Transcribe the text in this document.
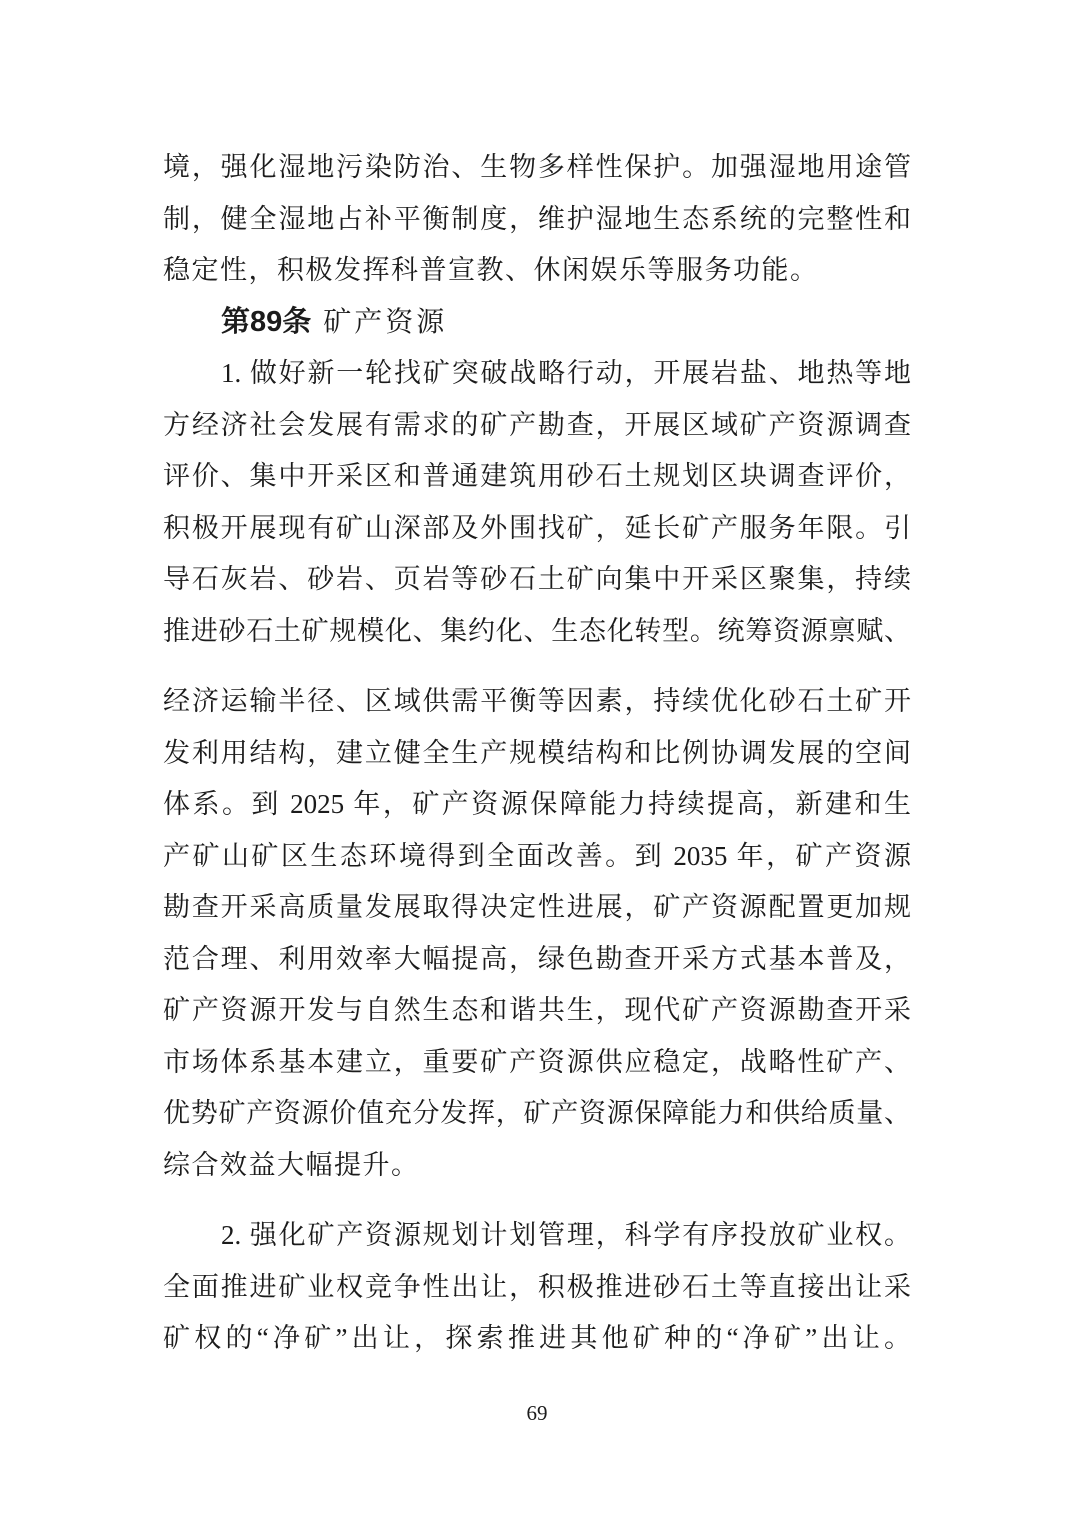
境，强化湿地污染防治、生物多样性保护。加强湿地用途管
制，健全湿地占补平衡制度，维护湿地生态系统的完整性和
稳定性，积极发挥科普宣教、休闲娱乐等服务功能。
第89条 矿产资源
1. 做好新一轮找矿突破战略行动，开展岩盐、地热等地
方经济社会发展有需求的矿产勘查，开展区域矿产资源调查
评价、集中开采区和普通建筑用砂石土规划区块调查评价，
积极开展现有矿山深部及外围找矿，延长矿产服务年限。引
导石灰岩、砂岩、页岩等砂石土矿向集中开采区聚集，持续
推进砂石土矿规模化、集约化、生态化转型。统筹资源禀赋、
经济运输半径、区域供需平衡等因素，持续优化砂石土矿开
发利用结构，建立健全生产规模结构和比例协调发展的空间
体系。到 2025 年，矿产资源保障能力持续提高，新建和生
产矿山矿区生态环境得到全面改善。到 2035 年，矿产资源
勘查开采高质量发展取得决定性进展，矿产资源配置更加规
范合理、利用效率大幅提高，绿色勘查开采方式基本普及，
矿产资源开发与自然生态和谐共生，现代矿产资源勘查开采
市场体系基本建立，重要矿产资源供应稳定，战略性矿产、
优势矿产资源价值充分发挥，矿产资源保障能力和供给质量、
综合效益大幅提升。
2. 强化矿产资源规划计划管理，科学有序投放矿业权。
全面推进矿业权竞争性出让，积极推进砂石土等直接出让采
矿权的“净矿”出让，探索推进其他矿种的“净矿”出让。
69
